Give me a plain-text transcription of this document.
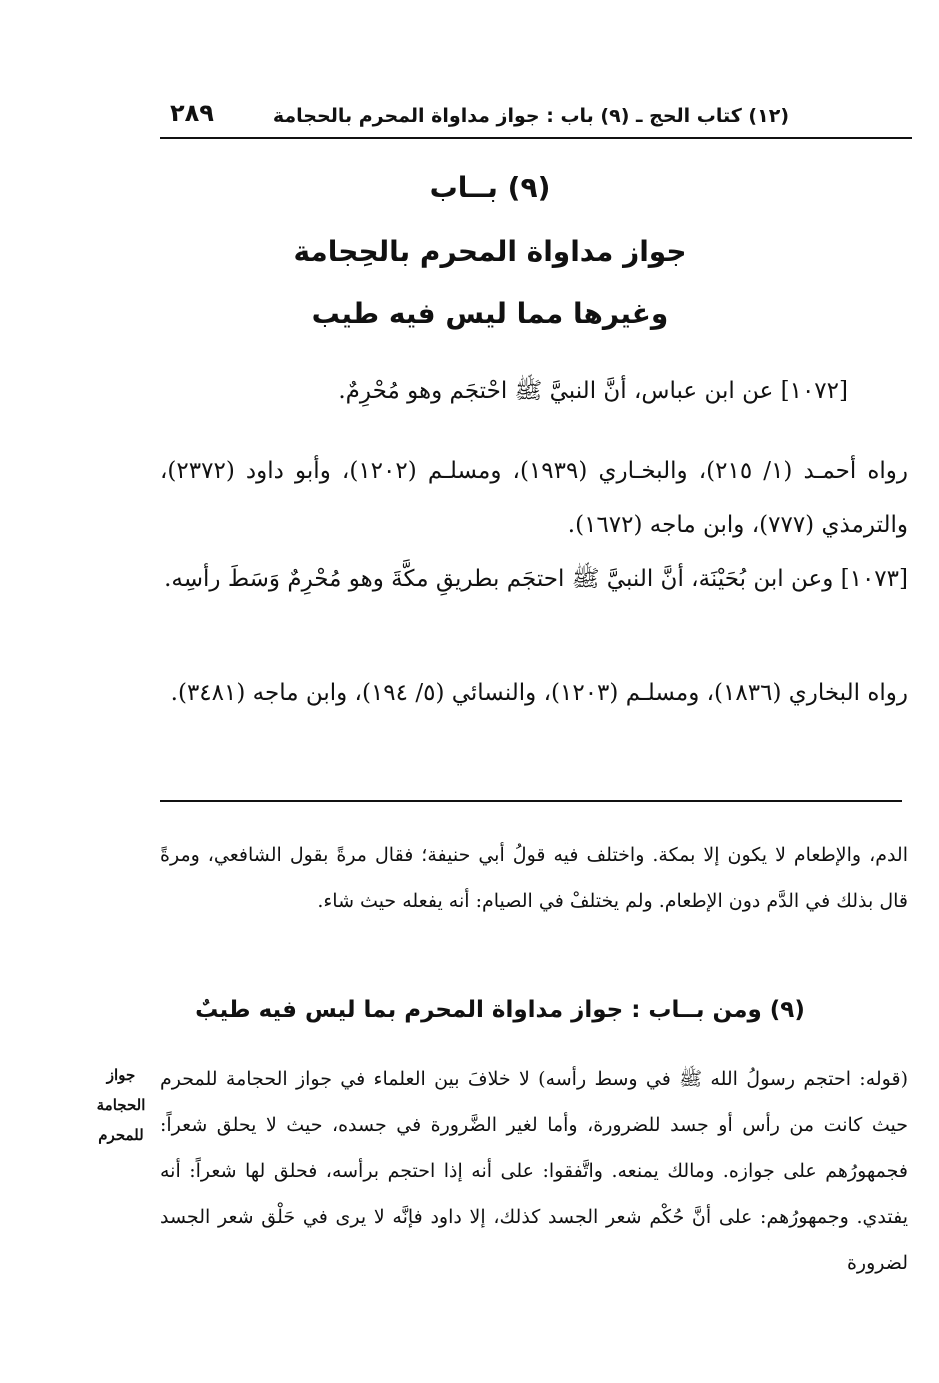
٢٨٩	(١٢) كتاب الحج ـ (٩) باب : جواز مداواة المحرم بالحجامة
(٩) بــاب
جواز مداواة المحرم بالحِجامة
وغيرها مما ليس فيه طيب
[١٠٧٢] عن ابن عباس، أنَّ النبيَّ ﷺ احْتجَم وهو مُحْرِمٌ.
رواه أحمـد (١/ ٢١٥)، والبخـاري (١٩٣٩)، ومسلـم (١٢٠٢)، وأبو داود (٢٣٧٢)، والترمذي (٧٧٧)، وابن ماجه (١٦٧٢).
[١٠٧٣] وعن ابن بُحَيْنَة، أنَّ النبيَّ ﷺ احتجَم بطريقِ مكَّةَ وهو مُحْرِمٌ وَسَطَ رأسِه.
رواه البخاري (١٨٣٦)، ومسلـم (١٢٠٣)، والنسائي (٥/ ١٩٤)، وابن ماجه (٣٤٨١).
الدم، والإطعام لا يكون إلا بمكة. واختلف فيه قولُ أبي حنيفة؛ فقال مرةً بقول الشافعي، ومرةً قال بذلك في الدَّم دون الإطعام. ولم يختلفْ في الصيام: أنه يفعله حيث شاء.
(٩) ومن بــاب : جواز مداواة المحرم بما ليس فيه طيبٌ
(قوله: احتجم رسولُ الله ﷺ في وسط رأسه) لا خلافَ بين العلماء في جواز الحجامة للمحرم حيث كانت من رأس أو جسد للضرورة، وأما لغير الضَّرورة في جسده، حيث لا يحلق شعراً: فجمهورُهم على جوازه. ومالك يمنعه. واتَّفقوا: على أنه إذا احتجم برأسه، فحلق لها شعراً: أنه يفتدي. وجمهورُهم: على أنَّ حُكْم شعر الجسد كذلك، إلا داود فإنَّه لا يرى في حَلْق شعر الجسد لضرورة
جواز الحجامة للمحرم
